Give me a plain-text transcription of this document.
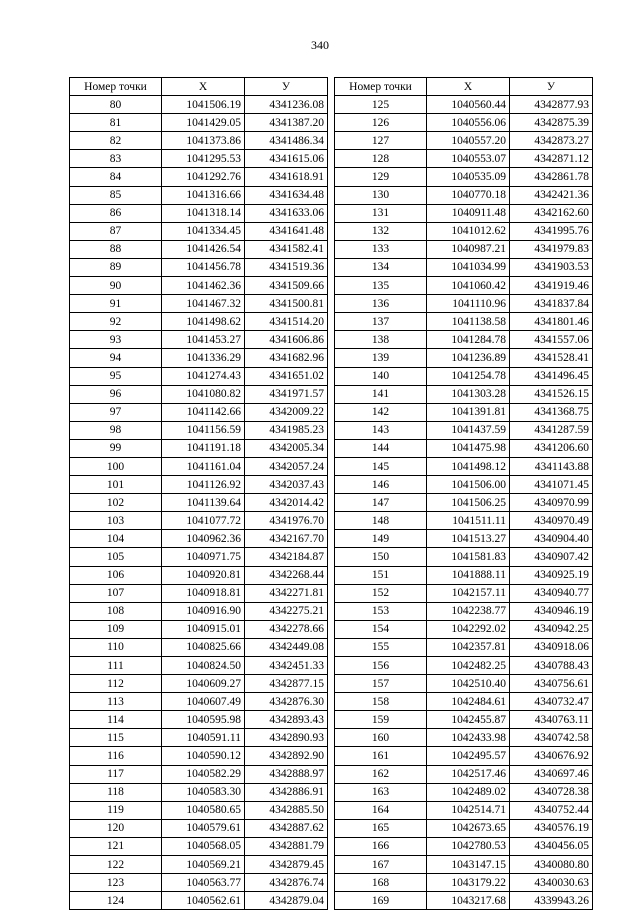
340
Номер точки	X	У
80	1041506.19	4341236.08
81	1041429.05	4341387.20
82	1041373.86	4341486.34
83	1041295.53	4341615.06
84	1041292.76	4341618.91
85	1041316.66	4341634.48
86	1041318.14	4341633.06
87	1041334.45	4341641.48
88	1041426.54	4341582.41
89	1041456.78	4341519.36
90	1041462.36	4341509.66
91	1041467.32	4341500.81
92	1041498.62	4341514.20
93	1041453.27	4341606.86
94	1041336.29	4341682.96
95	1041274.43	4341651.02
96	1041080.82	4341971.57
97	1041142.66	4342009.22
98	1041156.59	4341985.23
99	1041191.18	4342005.34
100	1041161.04	4342057.24
101	1041126.92	4342037.43
102	1041139.64	4342014.42
103	1041077.72	4341976.70
104	1040962.36	4342167.70
105	1040971.75	4342184.87
106	1040920.81	4342268.44
107	1040918.81	4342271.81
108	1040916.90	4342275.21
109	1040915.01	4342278.66
110	1040825.66	4342449.08
111	1040824.50	4342451.33
112	1040609.27	4342877.15
113	1040607.49	4342876.30
114	1040595.98	4342893.43
115	1040591.11	4342890.93
116	1040590.12	4342892.90
117	1040582.29	4342888.97
118	1040583.30	4342886.91
119	1040580.65	4342885.50
120	1040579.61	4342887.62
121	1040568.05	4342881.79
122	1040569.21	4342879.45
123	1040563.77	4342876.74
124	1040562.61	4342879.04
Номер точки	X	У
125	1040560.44	4342877.93
126	1040556.06	4342875.39
127	1040557.20	4342873.27
128	1040553.07	4342871.12
129	1040535.09	4342861.78
130	1040770.18	4342421.36
131	1040911.48	4342162.60
132	1041012.62	4341995.76
133	1040987.21	4341979.83
134	1041034.99	4341903.53
135	1041060.42	4341919.46
136	1041110.96	4341837.84
137	1041138.58	4341801.46
138	1041284.78	4341557.06
139	1041236.89	4341528.41
140	1041254.78	4341496.45
141	1041303.28	4341526.15
142	1041391.81	4341368.75
143	1041437.59	4341287.59
144	1041475.98	4341206.60
145	1041498.12	4341143.88
146	1041506.00	4341071.45
147	1041506.25	4340970.99
148	1041511.11	4340970.49
149	1041513.27	4340904.40
150	1041581.83	4340907.42
151	1041888.11	4340925.19
152	1042157.11	4340940.77
153	1042238.77	4340946.19
154	1042292.02	4340942.25
155	1042357.81	4340918.06
156	1042482.25	4340788.43
157	1042510.40	4340756.61
158	1042484.61	4340732.47
159	1042455.87	4340763.11
160	1042433.98	4340742.58
161	1042495.57	4340676.92
162	1042517.46	4340697.46
163	1042489.02	4340728.38
164	1042514.71	4340752.44
165	1042673.65	4340576.19
166	1042780.53	4340456.05
167	1043147.15	4340080.80
168	1043179.22	4340030.63
169	1043217.68	4339943.26
